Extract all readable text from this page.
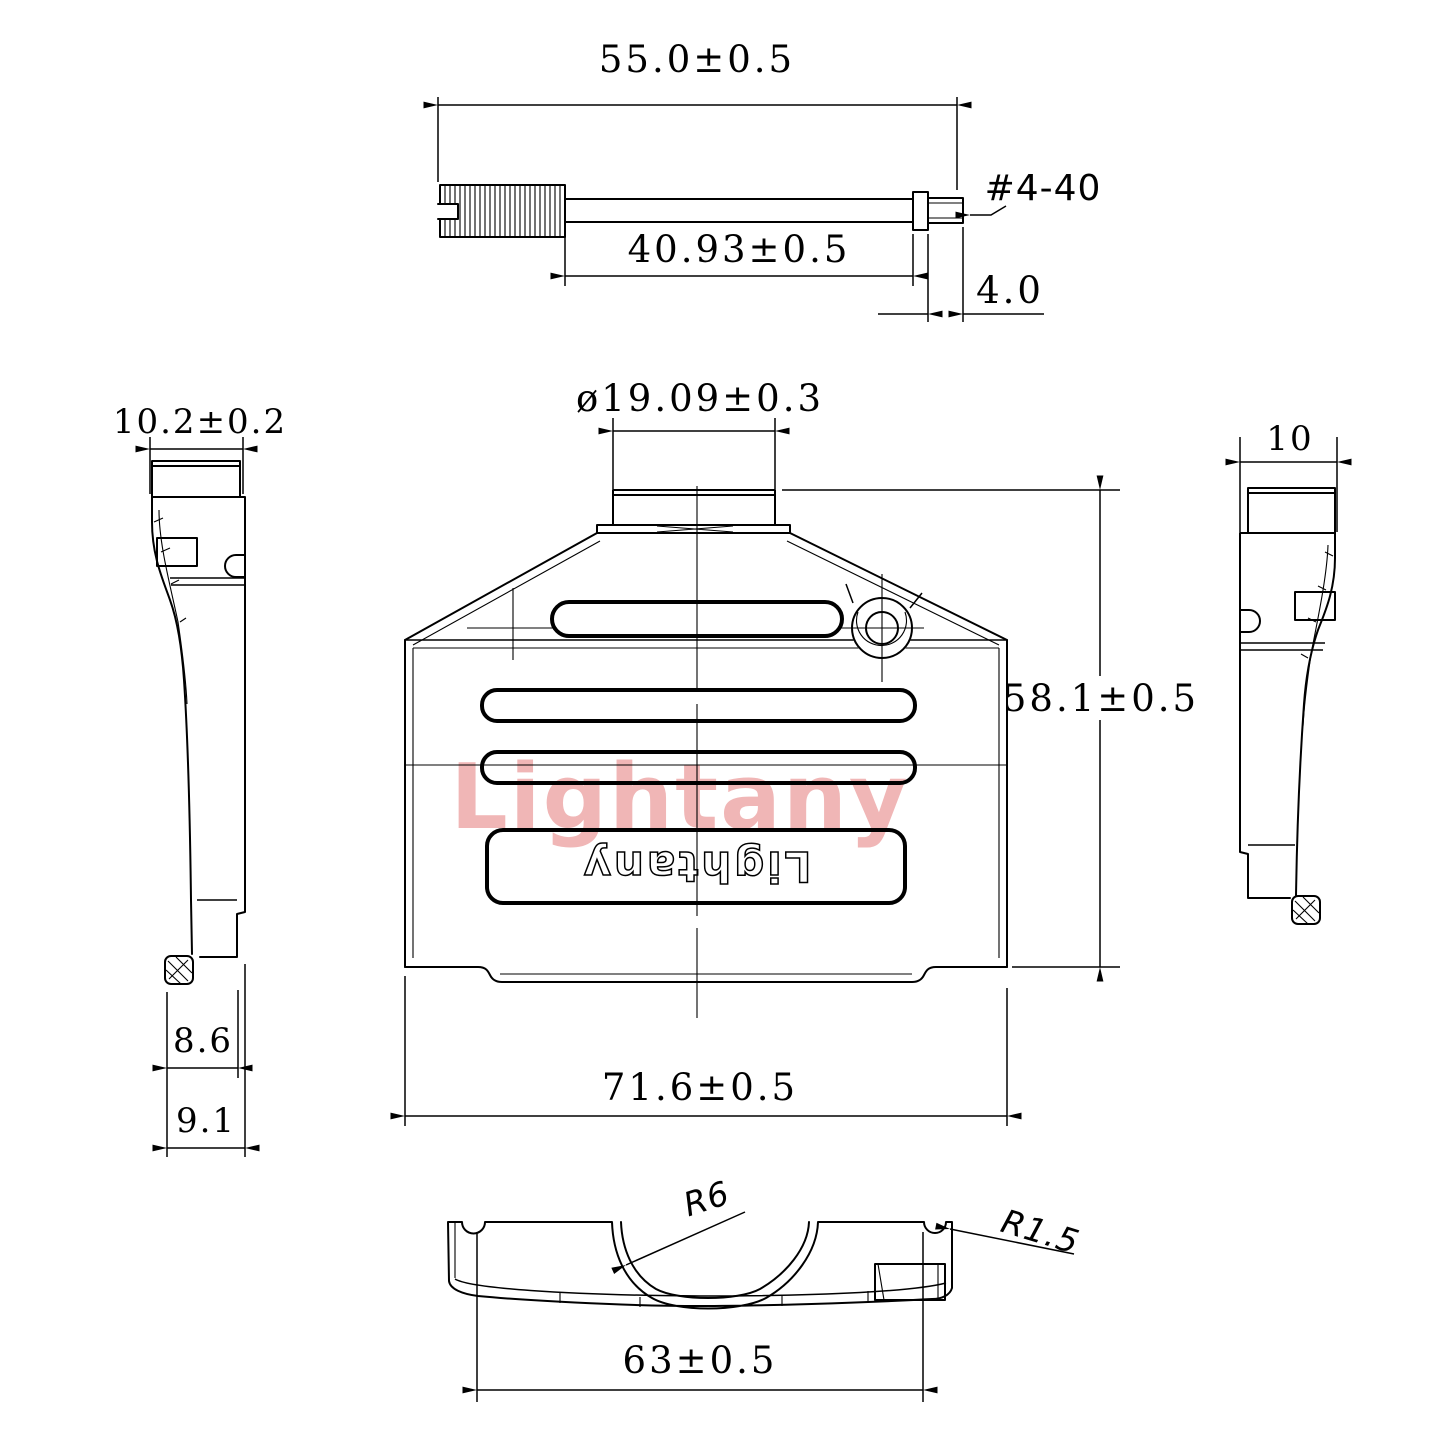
Lightany
55.0±0.5
40.93±0.5
4.0
#4-40
Lightany
ø19.09±0.3
58.1±0.5
71.6±0.5
10.2±0.2
8.6
9.1
10
R6
R1.5
63±0.5
